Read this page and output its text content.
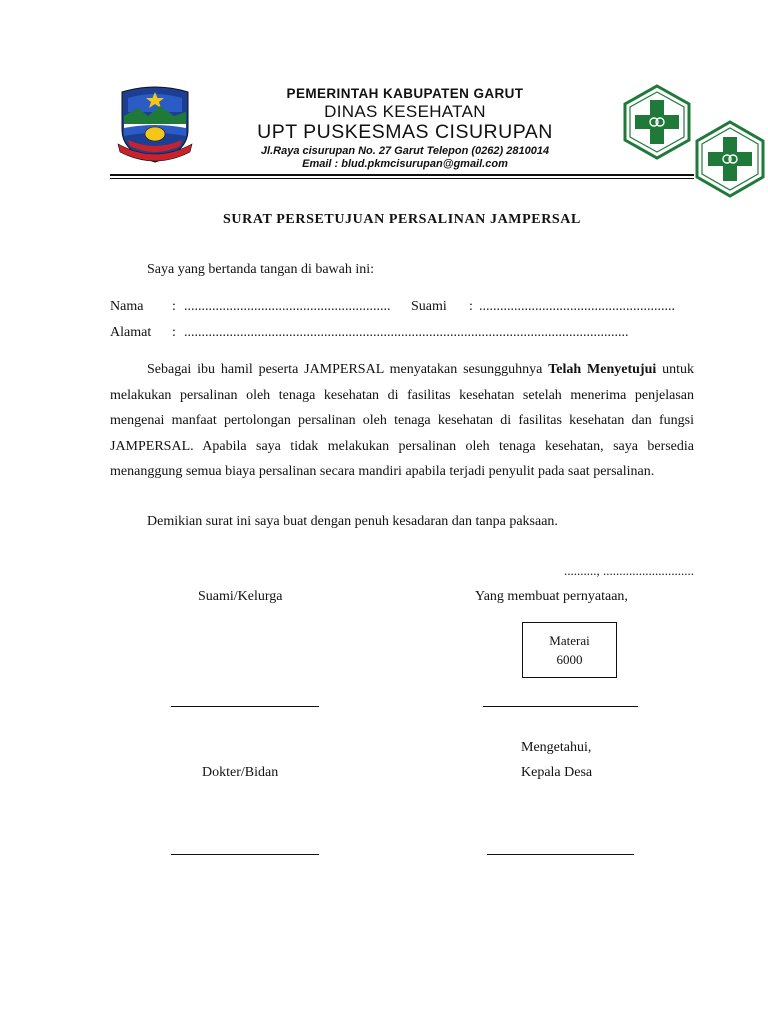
PEMERINTAH KABUPATEN GARUT
DINAS KESEHATAN
UPT PUSKESMAS CISURUPAN
Jl.Raya cisurupan No. 27 Garut Telepon (0262) 2810014
Email : blud.pkmcisurupan@gmail.com
SURAT PERSETUJUAN PERSALINAN JAMPERSAL
Saya yang bertanda tangan di bawah ini:
Nama : ........................................................... Suami : ........................................................
Alamat : ...............................................................................................................................

Sebagai ibu hamil peserta JAMPERSAL menyatakan sesungguhnya Telah Menyetujui untuk melakukan persalinan oleh tenaga kesehatan di fasilitas kesehatan setelah menerima penjelasan mengenai manfaat pertolongan persalinan oleh tenaga kesehatan di fasilitas kesehatan dan fungsi JAMPERSAL. Apabila saya tidak melakukan persalinan oleh tenaga kesehatan, saya bersedia menanggung semua biaya persalinan secara mandiri apabila terjadi penyulit pada saat persalinan.

Demikian surat ini saya buat dengan penuh kesadaran dan tanpa paksaan.

.........., ............................
Suami/Kelurga	Yang membuat pernyataan,
Materai
6000
Mengetahui,
Dokter/Bidan	Kepala Desa
